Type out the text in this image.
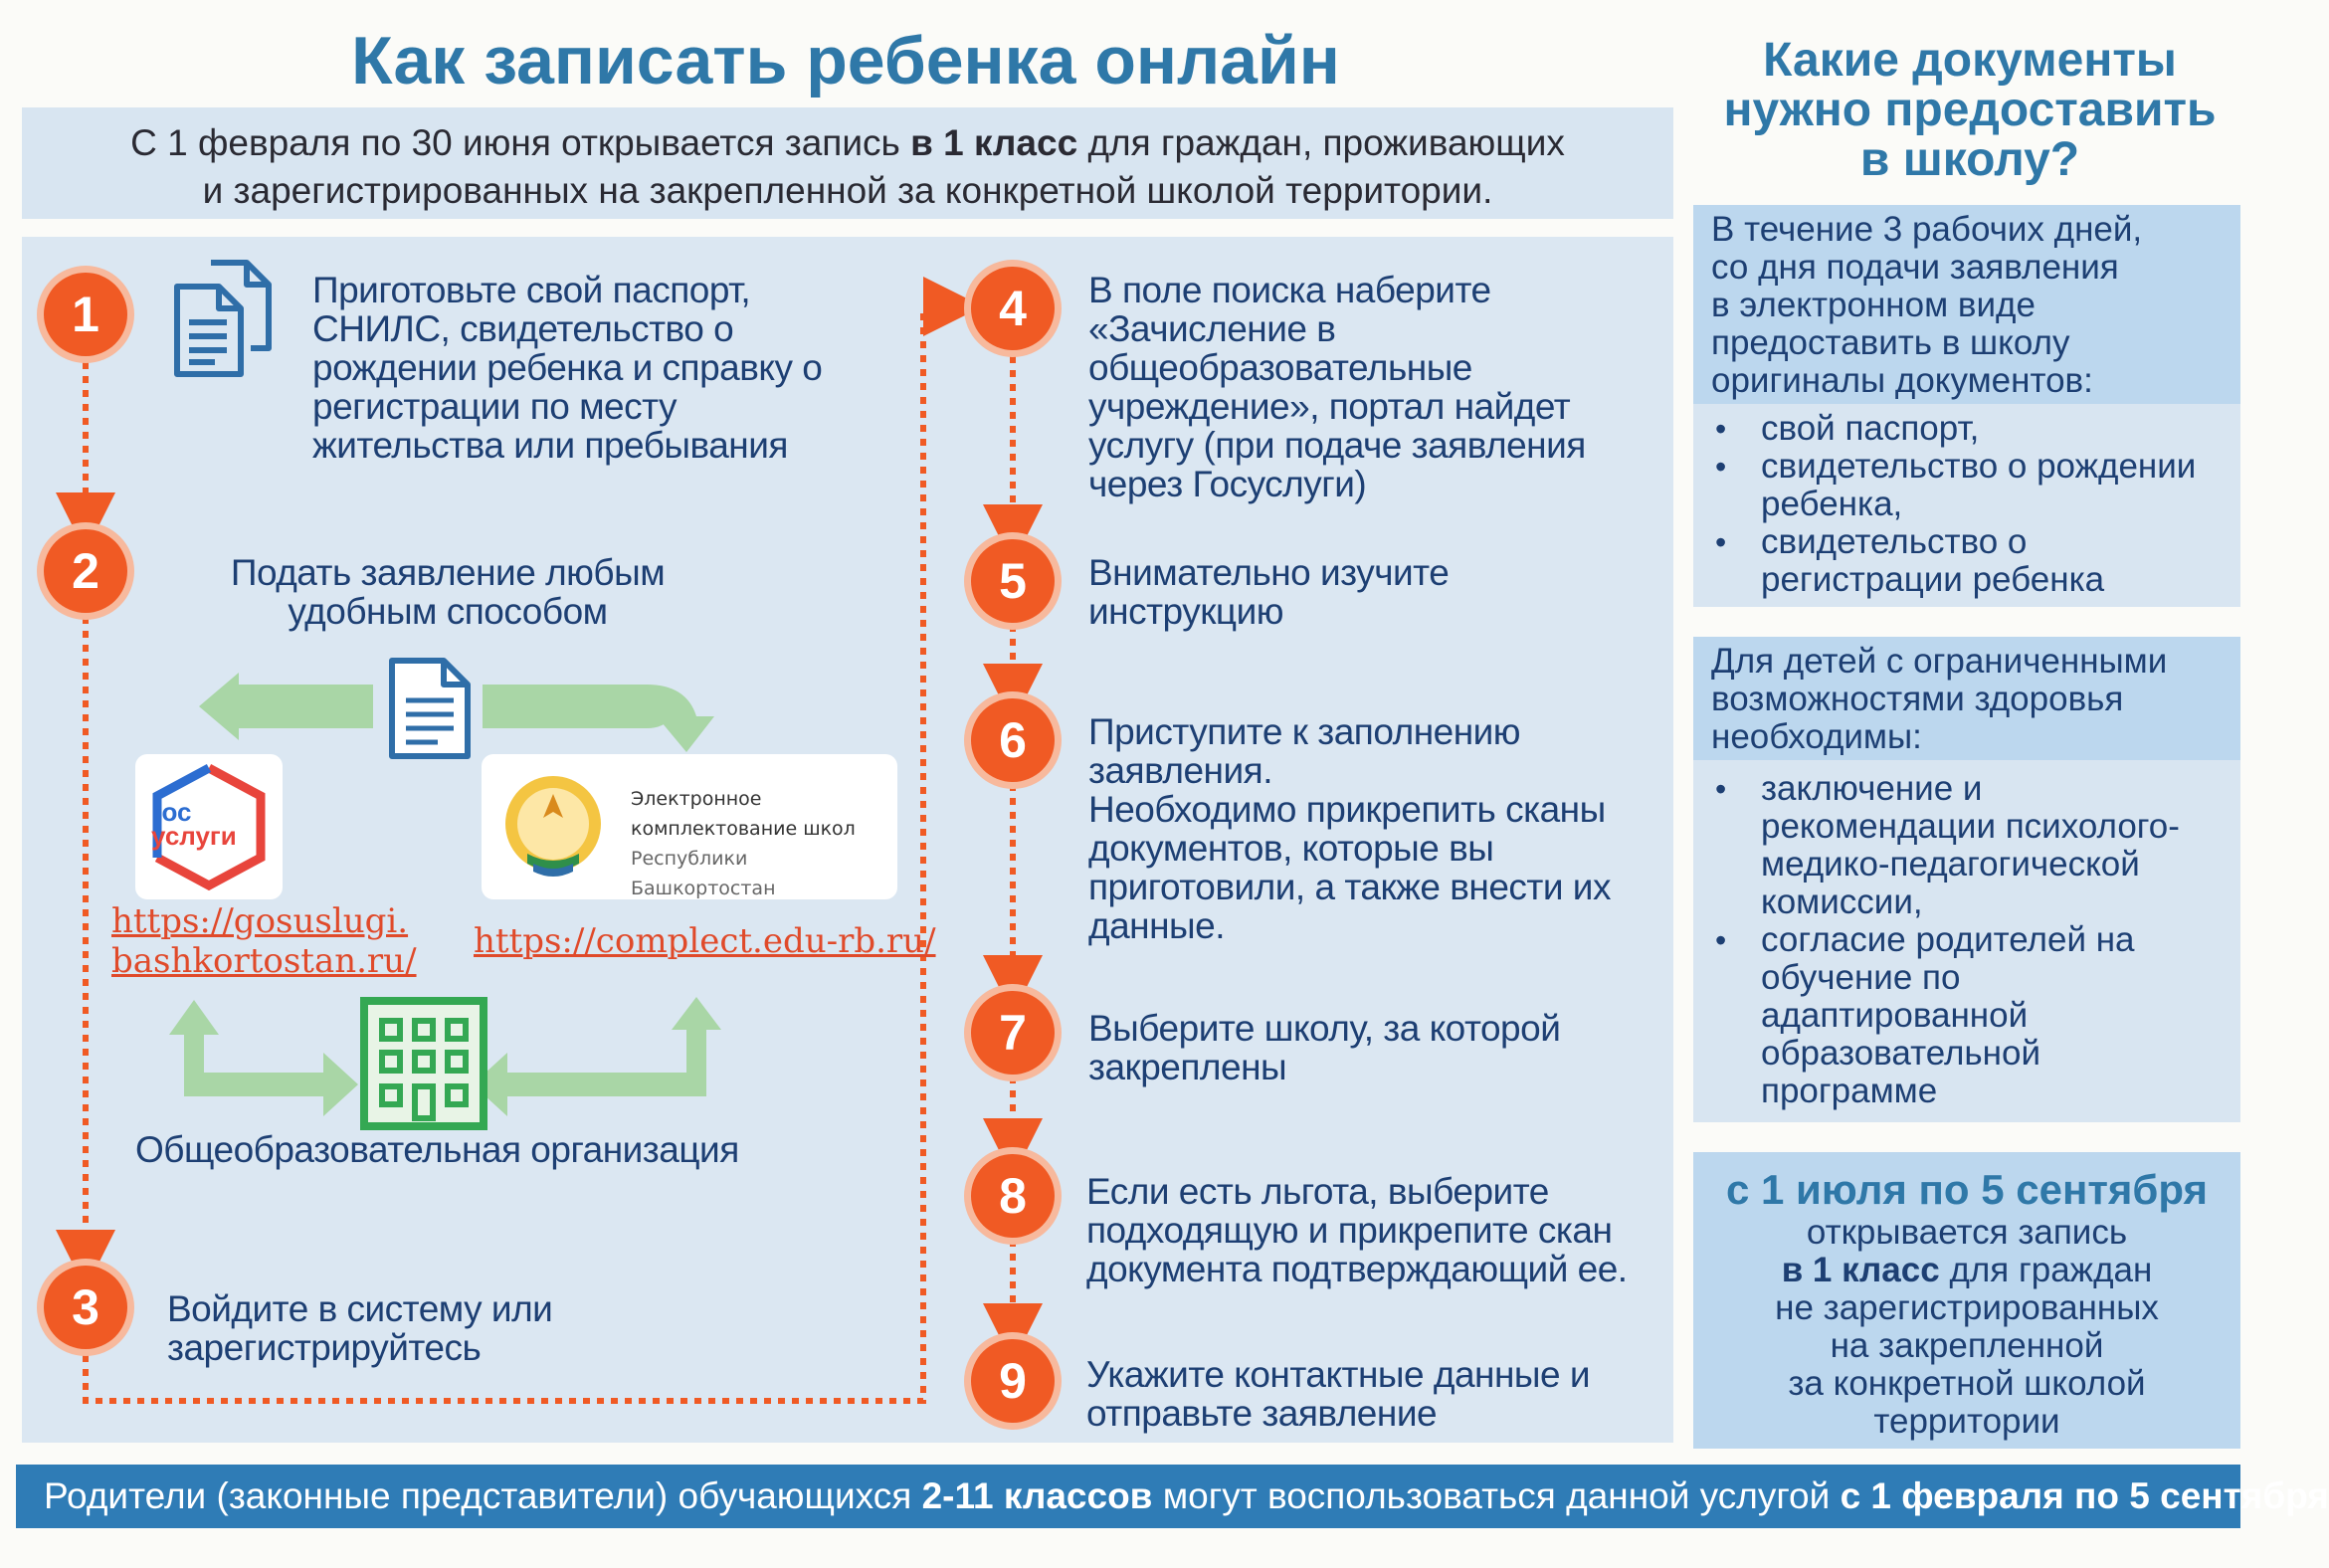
Как записать ребенка онлайн
С 1 февраля по 30 июня открывается запись в 1 класс для граждан, проживающих
и зарегистрированных на закрепленной за конкретной школой территории.
1
2
3
4
5
6
7
8
9
Приготовьте свой паспорт,
СНИЛС, свидетельство о
рождении ребенка и справку о
регистрации по месту
жительства или пребывания
Подать заявление любым
удобным способом
гос
услуги
https://gosuslugi.
bashkortostan.ru/
Электронное
комплектование школ
Республики Башкортостан
https://complect.edu-rb.ru/
Общеобразовательная организация
Войдите в систему или
зарегистрируйтесь
В поле поиска наберите
«Зачисление в
общеобразовательные
учреждение», портал найдет
услугу (при подаче заявления
через Госуслуги)
Внимательно изучите
инструкцию
Приступите к заполнению
заявления.
Необходимо прикрепить сканы
документов, которые вы
приготовили, а также внести их
данные.
Выберите школу, за которой
закреплены
Если есть льгота, выберите
подходящую и прикрепите скан
документа подтверждающий ее.
Укажите контактные данные и
отправьте заявление
Какие документы
нужно предоставить
в школу?
В течение 3 рабочих дней,
со дня подачи заявления
в электронном виде
предоставить в школу
оригиналы документов:
• свой паспорт,
• свидетельство о рождении
ребенка,
• свидетельство о
регистрации ребенка
Для детей с ограниченными
возможностями здоровья
необходимы:
• заключение и
рекомендации психолого-
медико-педагогической
комиссии,
• согласие родителей на
обучение по
адаптированной
образовательной
программе
с 1 июля по 5 сентября
открывается запись
в 1 класс для граждан
не зарегистрированных
на закрепленной
за конкретной школой
территории
Родители (законные представители) обучающихся 2-11 классов могут воспользоваться данной услугой с 1 февраля по 5 сентября
